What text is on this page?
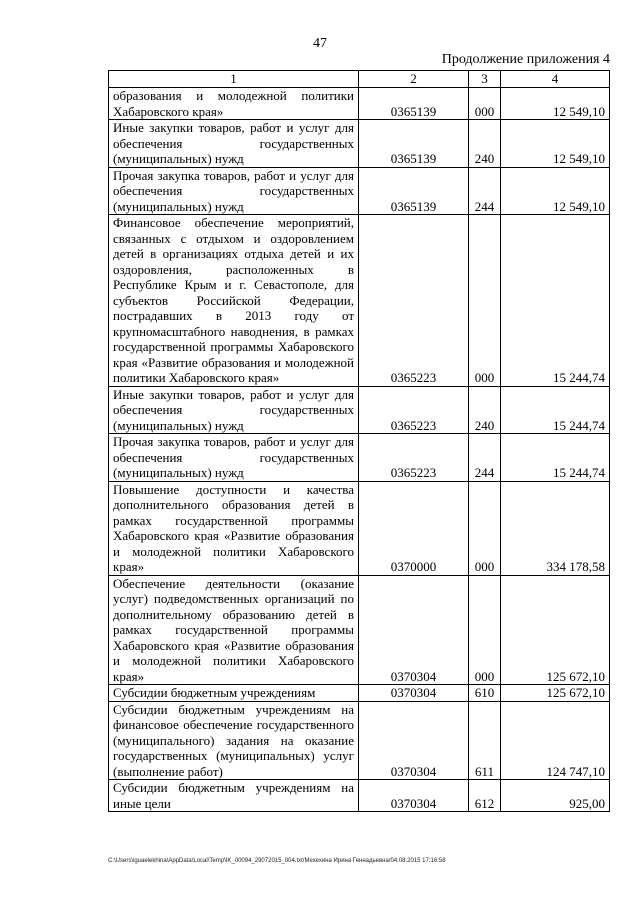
47
Продолжение приложения 4
1	2	3	4
образования и молодежной политики Хабаровского края»	0365139	000	12 549,10
Иные закупки товаров, работ и услуг для обеспечения государственных (муниципальных) нужд	0365139	240	12 549,10
Прочая закупка товаров, работ и услуг для обеспечения государственных (муниципальных) нужд	0365139	244	12 549,10
Финансовое обеспечение мероприятий, связанных с отдыхом и оздоровлением детей в организациях отдыха детей и их оздоровления, расположенных в Республике Крым и г. Севастополе, для субъектов Российской Федерации, пострадавших в 2013 году от крупномасштабного наводнения, в рамках государственной программы Хабаровского края «Развитие образования и молодежной политики Хабаровского края»	0365223	000	15 244,74
Иные закупки товаров, работ и услуг для обеспечения государственных (муниципальных) нужд	0365223	240	15 244,74
Прочая закупка товаров, работ и услуг для обеспечения государственных (муниципальных) нужд	0365223	244	15 244,74
Повышение доступности и качества дополнительного образования детей в рамках государственной программы Хабаровского края «Развитие образования и молодежной политики Хабаровского края»	0370000	000	334 178,58
Обеспечение деятельности (оказание услуг) подведомственных организаций по дополнительному образованию детей в рамках государственной программы Хабаровского края «Развитие образования и молодежной политики Хабаровского края»	0370304	000	125 672,10
Субсидии бюджетным учреждениям	0370304	610	125 672,10
Субсидии бюджетным учреждениям на финансовое обеспечение государственного (муниципального) задания на оказание государственных (муниципальных) услуг (выполнение работ)	0370304	611	124 747,10
Субсидии бюджетным учреждениям на иные цели	0370304	612	925,00
C:\Users\iguaelekhina\AppData\Local\Temp\IK_00094_29072015_004.txt/Мехехина Ирина Геннадьевна/04.08.2015 17:16:58
